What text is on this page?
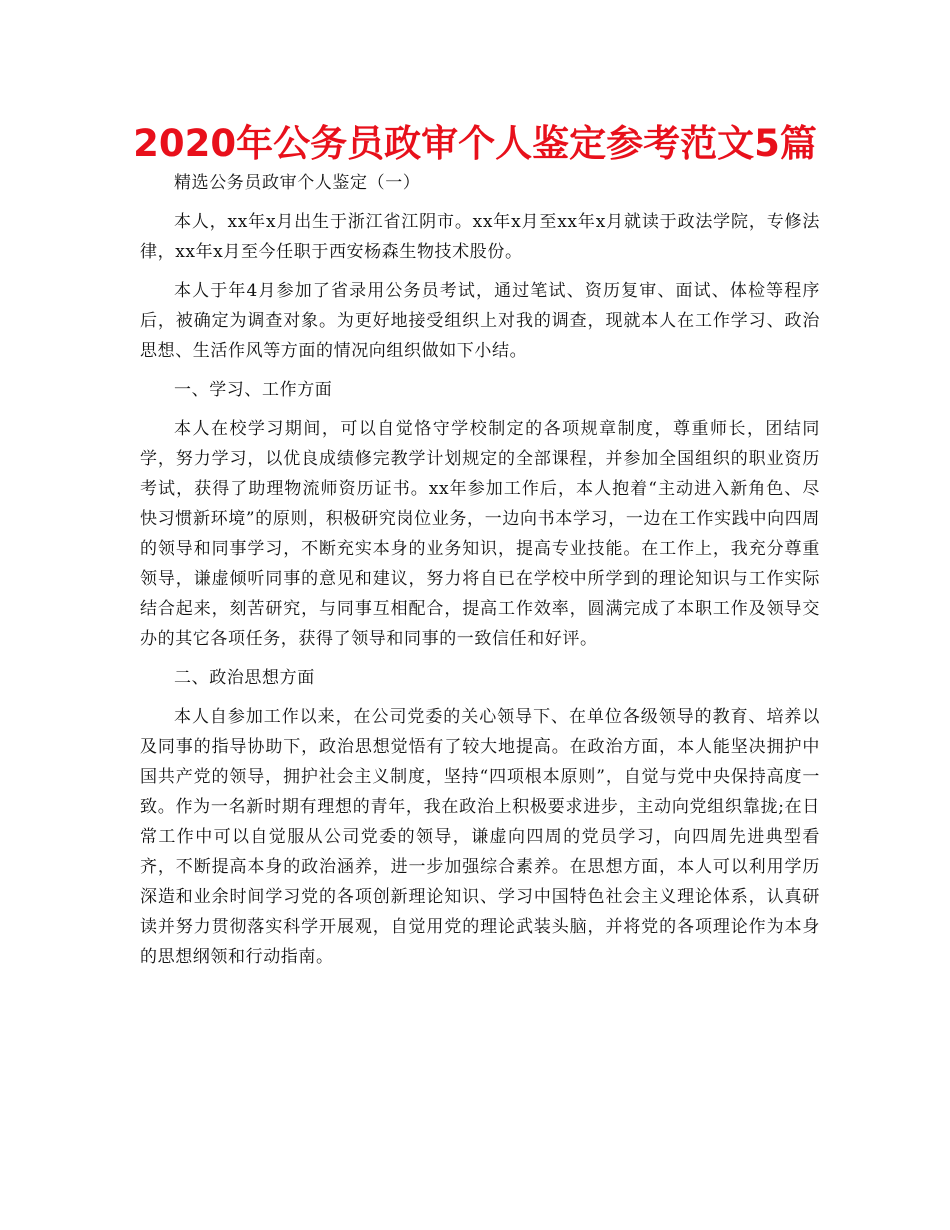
2020年公务员政审个人鉴定参考范文5篇

精选公务员政审个人鉴定（一）

本人，xx年x月出生于浙江省江阴市。xx年x月至xx年x月就读于政法学院，专修法律，xx年x月至今任职于西安杨森生物技术股份。

本人于年4月参加了省录用公务员考试，通过笔试、资历复审、面试、体检等程序后，被确定为调查对象。为更好地接受组织上对我的调查，现就本人在工作学习、政治思想、生活作风等方面的情况向组织做如下小结。

一、学习、工作方面

本人在校学习期间，可以自觉恪守学校制定的各项规章制度，尊重师长，团结同学，努力学习，以优良成绩修完教学计划规定的全部课程，并参加全国组织的职业资历考试，获得了助理物流师资历证书。xx年参加工作后，本人抱着“主动进入新角色、尽快习惯新环境”的原则，积极研究岗位业务，一边向书本学习，一边在工作实践中向四周的领导和同事学习，不断充实本身的业务知识，提高专业技能。在工作上，我充分尊重领导，谦虚倾听同事的意见和建议，努力将自已在学校中所学到的理论知识与工作实际结合起来，刻苦研究，与同事互相配合，提高工作效率，圆满完成了本职工作及领导交办的其它各项任务，获得了领导和同事的一致信任和好评。

二、政治思想方面

本人自参加工作以来，在公司党委的关心领导下、在单位各级领导的教育、培养以及同事的指导协助下，政治思想觉悟有了较大地提高。在政治方面，本人能坚决拥护中国共产党的领导，拥护社会主义制度，坚持“四项根本原则”，自觉与党中央保持高度一致。作为一名新时期有理想的青年，我在政治上积极要求进步，主动向党组织靠拢;在日常工作中可以自觉服从公司党委的领导，谦虚向四周的党员学习，向四周先进典型看齐，不断提高本身的政治涵养，进一步加强综合素养。在思想方面，本人可以利用学历深造和业余时间学习党的各项创新理论知识、学习中国特色社会主义理论体系，认真研读并努力贯彻落实科学开展观，自觉用党的理论武装头脑，并将党的各项理论作为本身的思想纲领和行动指南。
